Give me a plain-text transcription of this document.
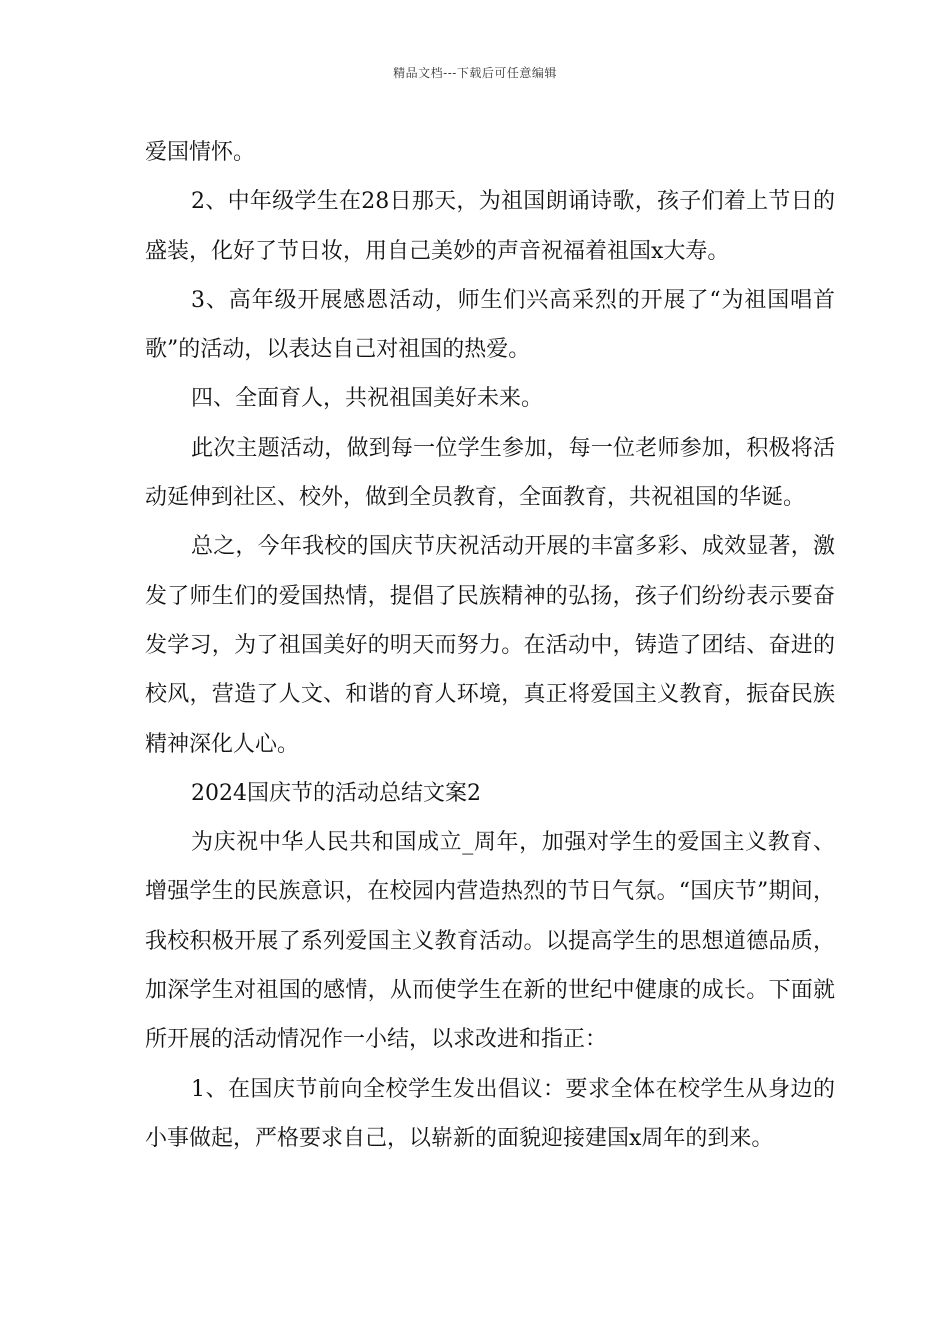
精品文档---下载后可任意编辑

爱国情怀。

2、中年级学生在28日那天，为祖国朗诵诗歌，孩子们着上节日的盛装，化好了节日妆，用自己美妙的声音祝福着祖国x大寿。

3、高年级开展感恩活动，师生们兴高采烈的开展了“为祖国唱首歌”的活动，以表达自己对祖国的热爱。

四、全面育人，共祝祖国美好未来。

此次主题活动，做到每一位学生参加，每一位老师参加，积极将活动延伸到社区、校外，做到全员教育，全面教育，共祝祖国的华诞。

总之，今年我校的国庆节庆祝活动开展的丰富多彩、成效显著，激发了师生们的爱国热情，提倡了民族精神的弘扬，孩子们纷纷表示要奋发学习，为了祖国美好的明天而努力。在活动中，铸造了团结、奋进的校风，营造了人文、和谐的育人环境，真正将爱国主义教育，振奋民族精神深化人心。

2024国庆节的活动总结文案2

为庆祝中华人民共和国成立_周年，加强对学生的爱国主义教育、增强学生的民族意识，在校园内营造热烈的节日气氛。“国庆节”期间，我校积极开展了系列爱国主义教育活动。以提高学生的思想道德品质，加深学生对祖国的感情，从而使学生在新的世纪中健康的成长。下面就所开展的活动情况作一小结，以求改进和指正：

1、在国庆节前向全校学生发出倡议：要求全体在校学生从身边的小事做起，严格要求自己，以崭新的面貌迎接建国x周年的到来。
